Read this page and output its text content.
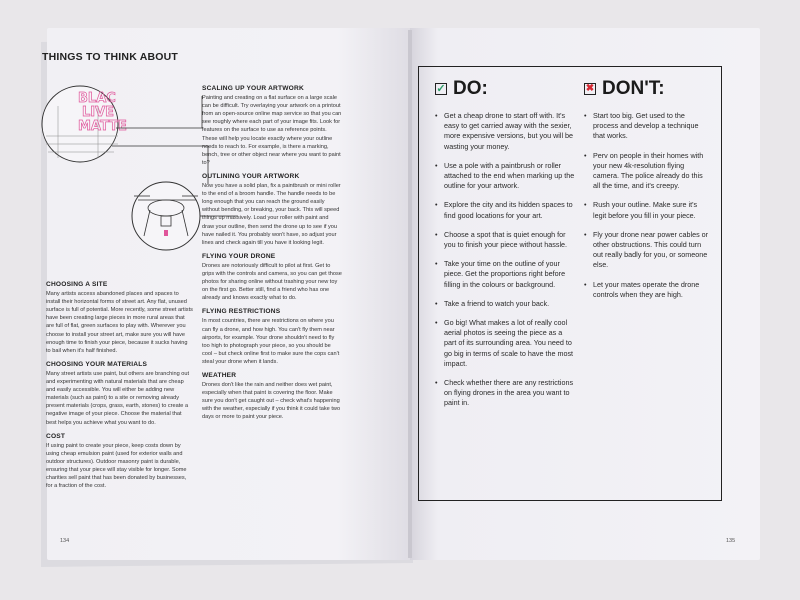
THINGS TO THINK ABOUT
BLAC
LIVE
MATTE
CHOOSING A SITE

Many artists access abandoned places and spaces to install their horizontal forms of street art. Any flat, unused surface is full of potential. More recently, some street artists have been creating large pieces in more rural areas that are full of flat, green surfaces to play with. Wherever you choose to install your street art, make sure you will have enough time to finish your piece, because it sucks having to bail when it's half finished.

CHOOSING YOUR MATERIALS

Many street artists use paint, but others are branching out and experimenting with natural materials that are cheap and easily accessible. You will either be adding new materials (such as paint) to a site or removing already present materials (crops, grass, earth, stones) to create a negative image of your piece. Choose the material that best helps you achieve what you want to do.

COST

If using paint to create your piece, keep costs down by using cheap emulsion paint (used for exterior walls and outdoor structures). Outdoor masonry paint is durable, ensuring that your piece will stay visible for longer. Some charities sell paint that has been donated by businesses, for a fraction of the cost.

SCALING UP YOUR ARTWORK

Painting and creating on a flat surface on a large scale can be difficult. Try overlaying your artwork on a printout from an open-source online map service so that you can see roughly where each part of your image fits. Look for features on the surface to use as reference points. These will help you locate exactly where your outline needs to reach to. For example, is there a marking, bench, tree or other object near where you want to paint to?

OUTLINING YOUR ARTWORK

Now you have a solid plan, fix a paintbrush or mini roller to the end of a broom handle. The handle needs to be long enough that you can reach the ground easily without bending, or breaking, your back. This will speed things up massively. Load your roller with paint and draw your outline, then send the drone up to see if you have nailed it. You probably won't have, so adjust your lines and check again till you have it looking legit.

FLYING YOUR DRONE

Drones are notoriously difficult to pilot at first. Get to grips with the controls and camera, so you can get those photos for sharing online without trashing your new toy on the first go. Better still, find a friend who has one already and knows exactly what to do.

FLYING RESTRICTIONS

In most countries, there are restrictions on where you can fly a drone, and how high. You can't fly them near airports, for example. Your drone shouldn't need to fly too high to photograph your piece, so you should be cool – but check online first to make sure the cops can't steal your drone when it lands.

WEATHER

Drones don't like the rain and neither does wet paint, especially when that paint is covering the floor. Make sure you don't get caught out – check what's happening with the weather, especially if you think it could take two days or more to paint your piece.

134
✓ DO:
• Get a cheap drone to start off with. It's easy to get carried away with the sexier, more expensive versions, but you will be wasting your money.
• Use a pole with a paintbrush or roller attached to the end when marking up the outline for your artwork.
• Explore the city and its hidden spaces to find good locations for your art.
• Choose a spot that is quiet enough for you to finish your piece without hassle.
• Take your time on the outline of your piece. Get the proportions right before filling in the colours or background.
• Take a friend to watch your back.
• Go big! What makes a lot of really cool aerial photos is seeing the piece as a part of its surrounding area. You need to go big in terms of scale to have the most impact.
• Check whether there are any restrictions on flying drones in the area you want to paint in.
✖ DON'T:
• Start too big. Get used to the process and develop a technique that works.
• Perv on people in their homes with your new 4k-resolution flying camera. The police already do this all the time, and it's creepy.
• Rush your outline. Make sure it's legit before you fill in your piece.
• Fly your drone near power cables or other obstructions. This could turn out really badly for you, or someone else.
• Let your mates operate the drone controls when they are high.
135
